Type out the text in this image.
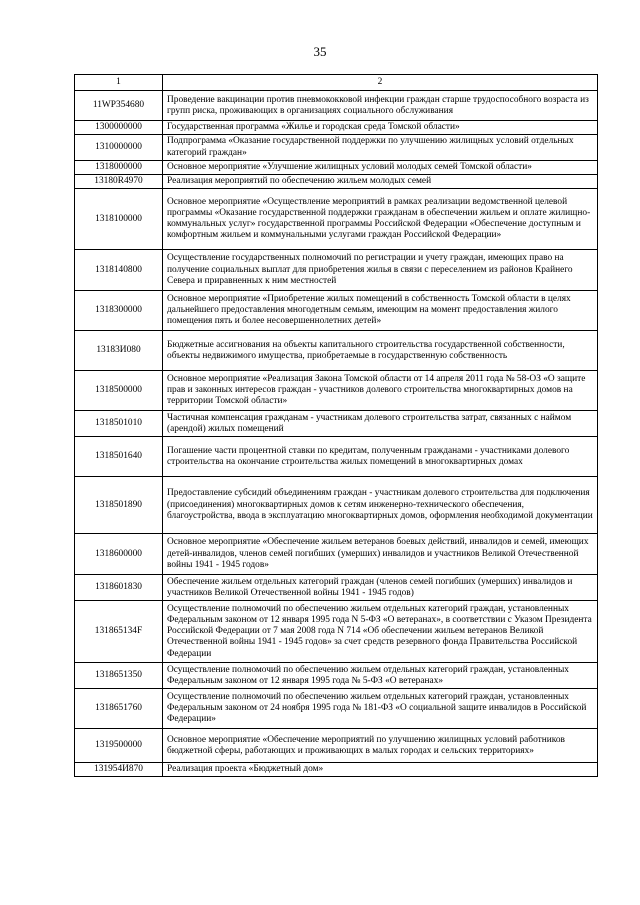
35
1	2
11WP354680	Проведение вакцинации против пневмококковой инфекции граждан старше трудоспособного возраста из групп риска, проживающих в организациях социального обслуживания
1300000000	Государственная программа «Жилье и городская среда Томской области»
1310000000	Подпрограмма «Оказание государственной поддержки по улучшению жилищных условий отдельных категорий граждан»
1318000000	Основное мероприятие «Улучшение жилищных условий молодых семей Томской области»
13180R4970	Реализация мероприятий по обеспечению жильем молодых семей
1318100000	Основное мероприятие «Осуществление мероприятий в рамках реализации ведомственной целевой программы «Оказание государственной поддержки гражданам в обеспечении жильем и оплате жилищно-коммунальных услуг» государственной программы Российской Федерации «Обеспечение доступным и комфортным жильем и коммунальными услугами граждан Российской Федерации»
1318140800	Осуществление государственных полномочий по регистрации и учету граждан, имеющих право на получение социальных выплат для приобретения жилья в связи с переселением из районов Крайнего Севера и приравненных к ним местностей
1318300000	Основное мероприятие «Приобретение жилых помещений в собственность Томской области в целях дальнейшего предоставления многодетным семьям, имеющим на момент предоставления жилого помещения пять и более несовершеннолетних детей»
13183И080	Бюджетные ассигнования на объекты капитального строительства государственной собственности, объекты недвижимого имущества, приобретаемые в государственную собственность
1318500000	Основное мероприятие «Реализация Закона Томской области от 14 апреля 2011 года № 58-ОЗ «О защите прав и законных интересов граждан - участников долевого строительства многоквартирных домов на территории Томской области»
1318501010	Частичная компенсация гражданам - участникам долевого строительства затрат, связанных с наймом (арендой) жилых помещений
1318501640	Погашение части процентной ставки по кредитам, полученным гражданами - участниками долевого строительства на окончание строительства жилых помещений в многоквартирных домах
1318501890	Предоставление субсидий объединениям граждан - участникам долевого строительства для подключения (присоединения) многоквартирных домов к сетям инженерно-технического обеспечения, благоустройства, ввода в эксплуатацию многоквартирных домов, оформления необходимой документации
1318600000	Основное мероприятие «Обеспечение жильем ветеранов боевых действий, инвалидов и семей, имеющих детей-инвалидов, членов семей погибших (умерших) инвалидов и участников Великой Отечественной войны 1941 - 1945 годов»
1318601830	Обеспечение жильем отдельных категорий граждан (членов семей погибших (умерших) инвалидов и участников Великой Отечественной войны 1941 - 1945 годов)
131865134F	Осуществление полномочий по обеспечению жильем отдельных категорий граждан, установленных Федеральным законом от 12 января 1995 года N 5-ФЗ «О ветеранах», в соответствии с Указом Президента Российской Федерации от 7 мая 2008 года N 714 «Об обеспечении жильем ветеранов Великой Отечественной войны 1941 - 1945 годов» за счет средств резервного фонда Правительства Российской Федерации
1318651350	Осуществление полномочий по обеспечению жильем отдельных категорий граждан, установленных Федеральным законом от 12 января 1995 года № 5-ФЗ «О ветеранах»
1318651760	Осуществление полномочий по обеспечению жильем отдельных категорий граждан, установленных Федеральным законом от 24 ноября 1995 года № 181-ФЗ «О социальной защите инвалидов в Российской Федерации»
1319500000	Основное мероприятие «Обеспечение мероприятий по улучшению жилищных условий работников бюджетной сферы, работающих и проживающих в малых городах и сельских территориях»
131954И870	Реализация проекта «Бюджетный дом»
